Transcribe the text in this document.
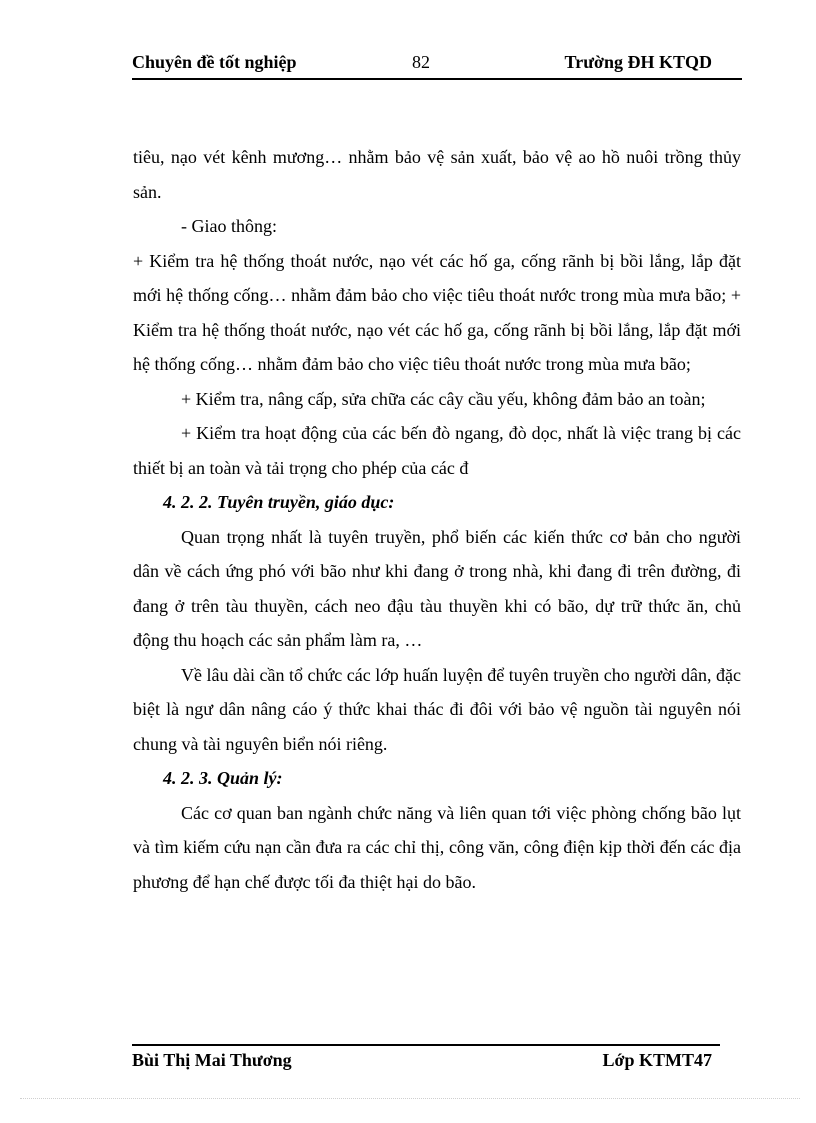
Chuyên đề tốt nghiệp	82	Trường ĐH KTQD

tiêu, nạo vét kênh mương… nhằm bảo vệ sản xuất, bảo vệ ao hồ nuôi trồng thủy sản.

- Giao thông:

+ Kiểm tra hệ thống thoát nước, nạo vét các hố ga, cống rãnh bị bồi lắng, lắp đặt mới hệ thống cống… nhằm đảm bảo cho việc tiêu thoát nước trong mùa mưa bão; + Kiểm tra hệ thống thoát nước, nạo vét các hố ga, cống rãnh bị bồi lắng, lắp đặt mới hệ thống cống… nhằm đảm bảo cho việc tiêu thoát nước trong mùa mưa bão;

+ Kiểm tra, nâng cấp, sửa chữa các cây cầu yếu, không đảm bảo an toàn;

+ Kiểm tra hoạt động của các bến đò ngang, đò dọc, nhất là việc trang bị các thiết bị an toàn và tải trọng cho phép của các đ

4. 2. 2. Tuyên truyền, giáo dục:

Quan trọng nhất là tuyên truyền, phổ biến các kiến thức cơ bản cho người dân về cách ứng phó với bão như khi đang ở trong nhà, khi đang đi trên đường, đi đang ở trên tàu thuyền, cách neo đậu tàu thuyền khi có bão, dự trữ thức ăn, chủ động thu hoạch các sản phẩm làm ra, …

Về lâu dài cần tổ chức các lớp huấn luyện để tuyên truyền cho người dân, đặc biệt là ngư dân nâng cáo ý thức khai thác đi đôi với bảo vệ nguồn tài nguyên nói chung và tài nguyên biển nói riêng.

4. 2. 3. Quản lý:

Các cơ quan ban ngành chức năng và liên quan tới việc phòng chống bão lụt và tìm kiếm cứu nạn cần đưa ra các chỉ thị, công văn, công điện kịp thời đến các địa phương để hạn chế được tối đa thiệt hại do bão.

Bùi Thị Mai Thương	Lớp KTMT47
